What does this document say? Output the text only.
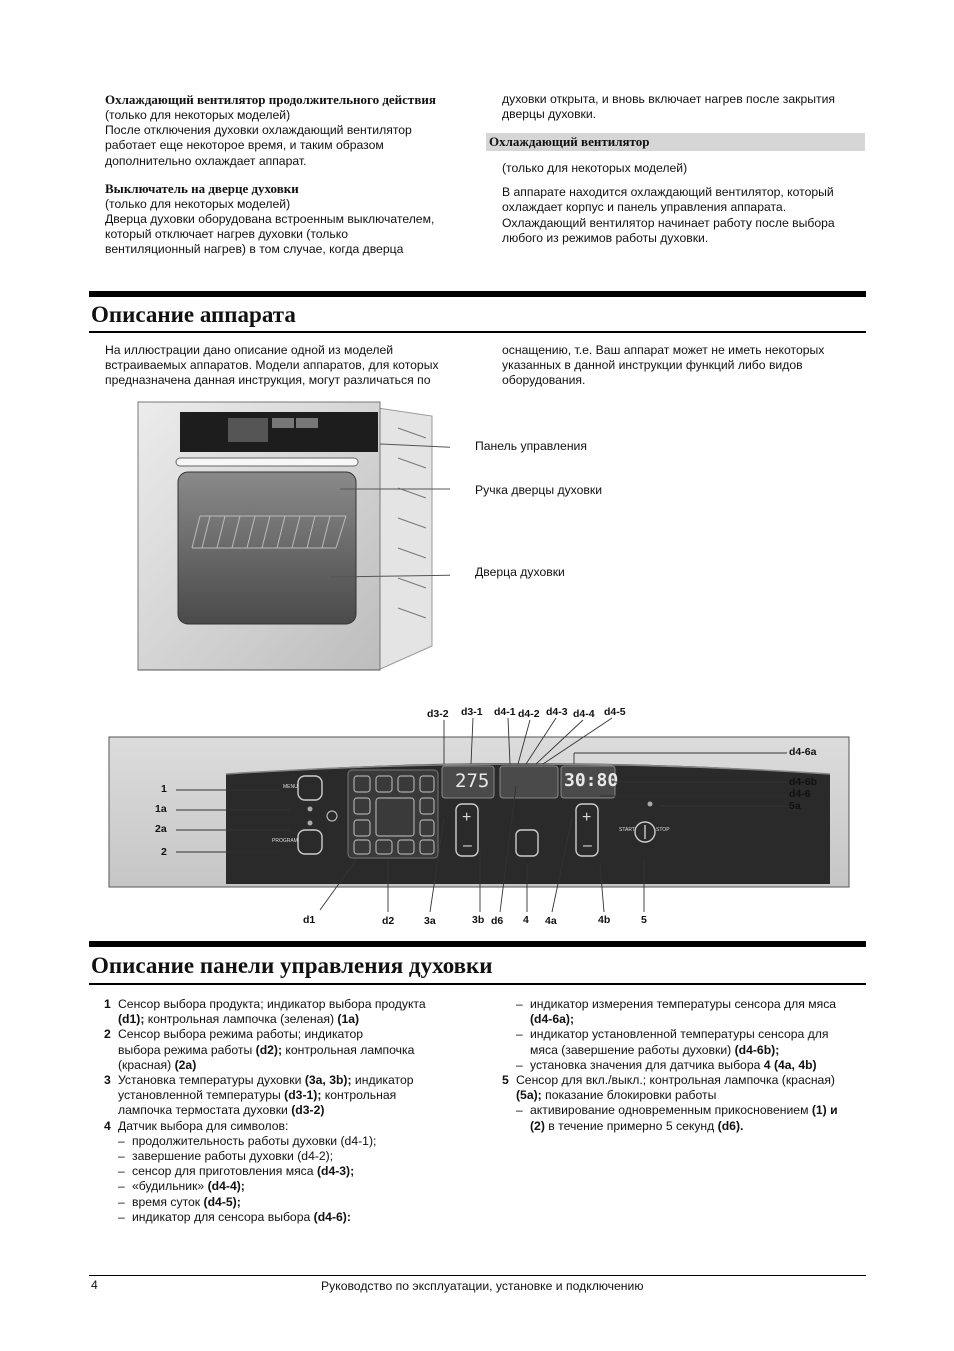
Охлаждающий вентилятор продолжительного действия
(только для некоторых моделей)
После отключения духовки охлаждающий вентилятор
работает еще некоторое время, и таким образом
дополнительно охлаждает аппарат.
Выключатель на дверце духовки
(только для некоторых моделей)
Дверца духовки оборудована встроенным выключателем,
который отключает нагрев духовки (только
вентиляционный нагрев) в том случае, когда дверца
духовки открыта, и вновь включает нагрев после закрытия
дверцы духовки.
Охлаждающий вентилятор
(только для некоторых моделей)
В аппарате находится охлаждающий вентилятор, который
охлаждает корпус и панель управления аппарата.
Охлаждающий вентилятор начинает работу после выбора
любого из режимов работы духовки.
Описание аппарата
На иллюстрации дано описание одной из моделей
встраиваемых аппаратов. Модели аппаратов, для которых
предназначена данная инструкция, могут различаться по
оснащению, т.е. Ваш аппарат может не иметь некоторых
указанных в данной инструкции функций либо видов
оборудования.
Панель управления
Ручка дверцы духовки
Дверца духовки
+
–
+
–
275	30:80
MENU
PROGRAM
START	STOP
d3-2 d3-1 d4-1 d4-2 d4-3 d4-4 d4-5
d4-6a
d4-6b
d4-6
5a
1
1a
2a
2
d1	d2	3a	3b d6 4 4a	4b	5
Описание панели управления духовки
1 Сенсор выбора продукта; индикатор выбора продукта
(d1); контрольная лампочка (зеленая) (1a)
2 Сенсор выбора режима работы; индикатор
выбора режима работы (d2); контрольная лампочка
(красная) (2a)
3 Установка температуры духовки (3a, 3b); индикатор
установленной температуры (d3-1); контрольная
лампочка термостата духовки (d3-2)
4 Датчик выбора для символов:
– продолжительность работы духовки (d4-1);
– завершение работы духовки (d4-2);
– сенсор для приготовления мяса (d4-3);
– «будильник» (d4-4);
– время суток (d4-5);
– индикатор для сенсора выбора (d4-6):
– индикатор измерения температуры сенсора для мяса
(d4-6a);
– индикатор установленной температуры сенсора для
мяса (завершение работы духовки) (d4-6b);
– установка значения для датчика выбора 4 (4a, 4b)
5 Сенсор для вкл./выкл.; контрольная лампочка (красная)
(5a); показание блокировки работы
– активирование одновременным прикосновением (1) и
(2) в течение примерно 5 секунд (d6).
4	Руководство по эксплуатации, установке и подключению
